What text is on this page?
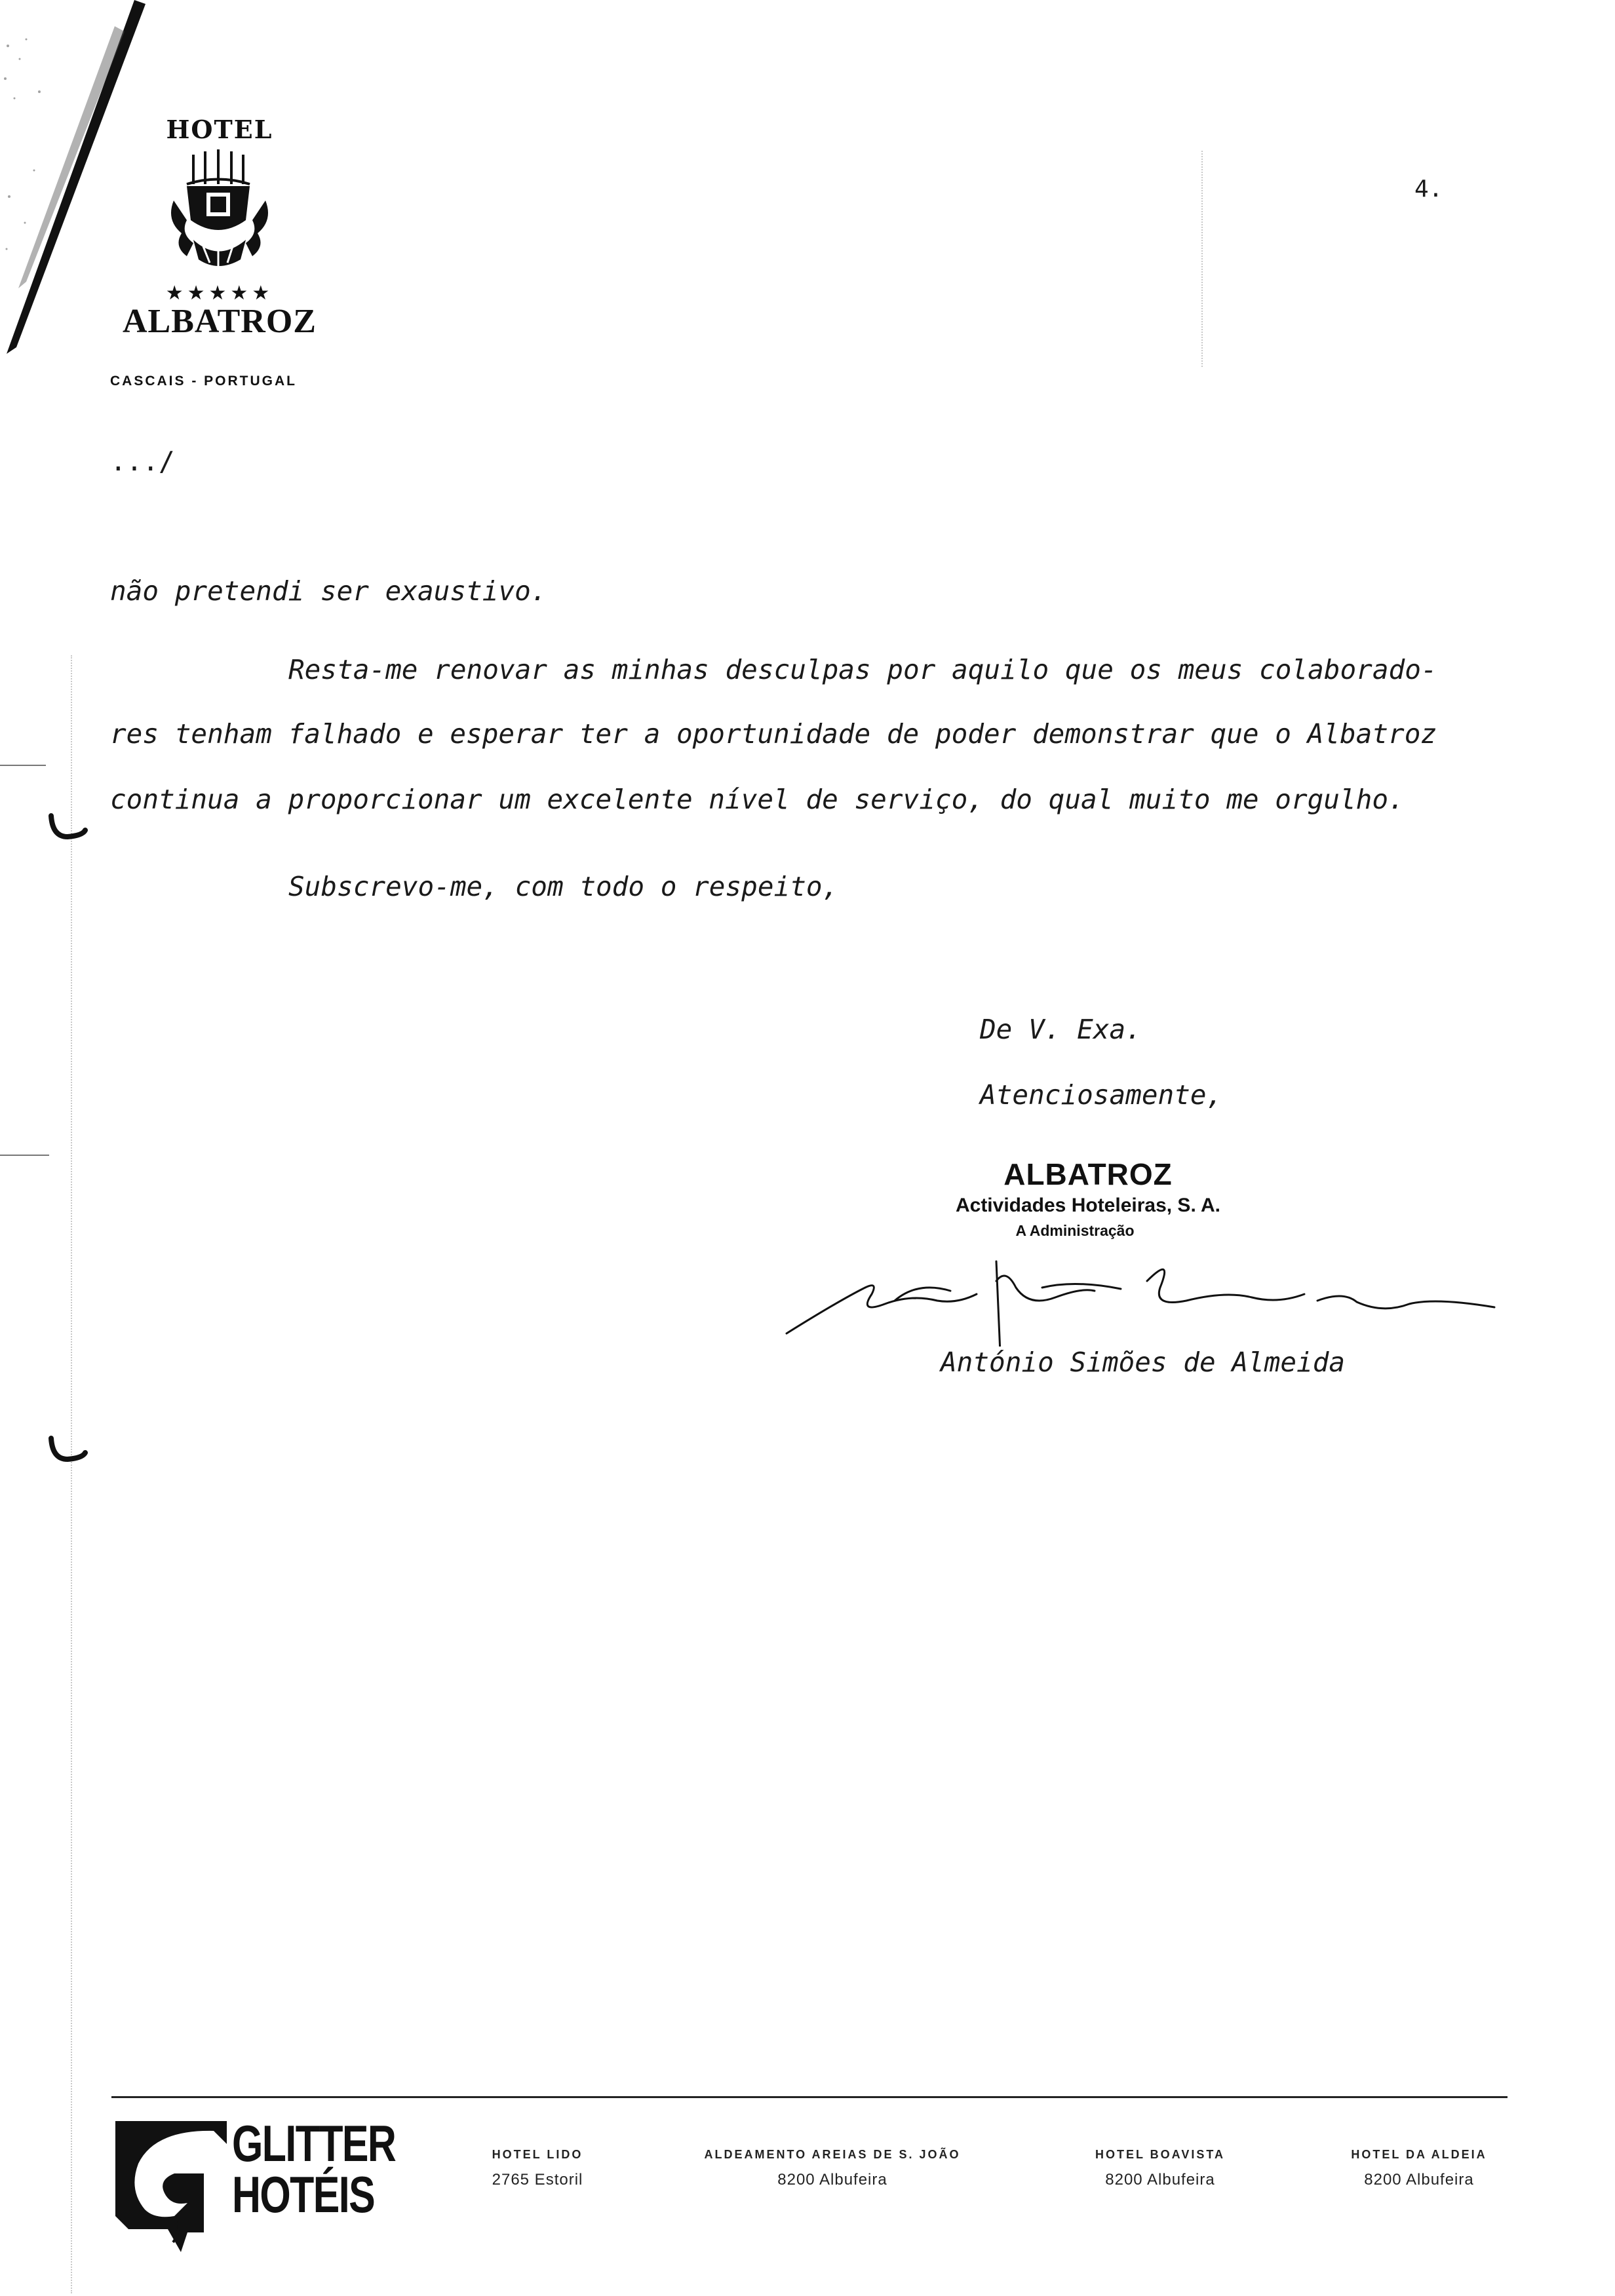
HOTEL
★★★★★
ALBATROZ
CASCAIS - PORTUGAL
4.
.../
não pretendi ser exaustivo.
Resta-me renovar as minhas desculpas por aquilo que os meus colaborado-
res tenham falhado e esperar ter a oportunidade de poder demonstrar que o Albatroz
continua a proporcionar um excelente nível de serviço, do qual muito me orgulho.
Subscrevo-me, com todo o respeito,
De V. Exa.
Atenciosamente,
ALBATROZ
Actividades Hoteleiras, S. A.
A Administração
António Simões de Almeida
GLITTER
HOTÉIS
HOTEL LIDO
2765 Estoril
ALDEAMENTO AREIAS DE S. JOÃO
8200 Albufeira
HOTEL BOAVISTA
8200 Albufeira
HOTEL DA ALDEIA
8200 Albufeira
